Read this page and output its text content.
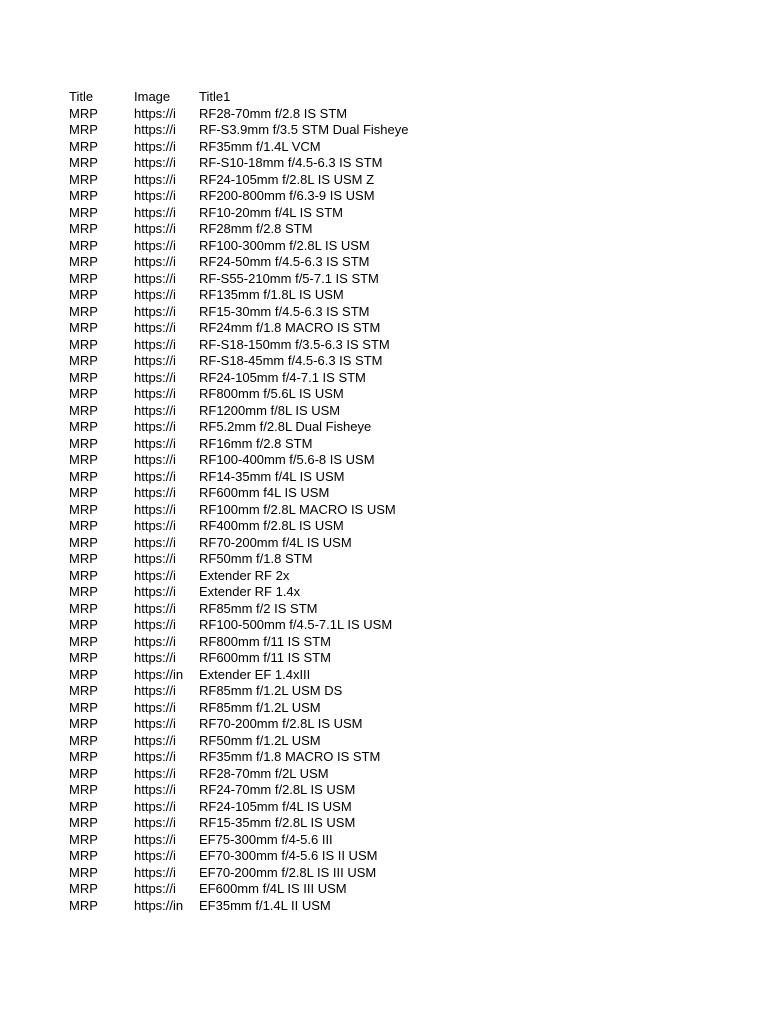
Title	Image	Title1
MRP	https://i	RF28-70mm f/2.8 IS STM
MRP	https://i	RF-S3.9mm f/3.5 STM Dual Fisheye
MRP	https://i	RF35mm f/1.4L VCM
MRP	https://i	RF-S10-18mm f/4.5-6.3 IS STM
MRP	https://i	RF24-105mm f/2.8L IS USM Z
MRP	https://i	RF200-800mm f/6.3-9 IS USM
MRP	https://i	RF10-20mm f/4L IS STM
MRP	https://i	RF28mm f/2.8 STM
MRP	https://i	RF100-300mm f/2.8L IS USM
MRP	https://i	RF24-50mm f/4.5-6.3 IS STM
MRP	https://i	RF-S55-210mm f/5-7.1 IS STM
MRP	https://i	RF135mm f/1.8L IS USM
MRP	https://i	RF15-30mm f/4.5-6.3 IS STM
MRP	https://i	RF24mm f/1.8 MACRO IS STM
MRP	https://i	RF-S18-150mm f/3.5-6.3 IS STM
MRP	https://i	RF-S18-45mm f/4.5-6.3 IS STM
MRP	https://i	RF24-105mm f/4-7.1 IS STM
MRP	https://i	RF800mm f/5.6L IS USM
MRP	https://i	RF1200mm f/8L IS USM
MRP	https://i	RF5.2mm f/2.8L Dual Fisheye
MRP	https://i	RF16mm f/2.8 STM
MRP	https://i	RF100-400mm f/5.6-8 IS USM
MRP	https://i	RF14-35mm f/4L IS USM
MRP	https://i	RF600mm f4L IS USM
MRP	https://i	RF100mm f/2.8L MACRO IS USM
MRP	https://i	RF400mm f/2.8L IS USM
MRP	https://i	RF70-200mm f/4L IS USM
MRP	https://i	RF50mm f/1.8 STM
MRP	https://i	Extender RF 2x
MRP	https://i	Extender RF 1.4x
MRP	https://i	RF85mm f/2 IS STM
MRP	https://i	RF100-500mm f/4.5-7.1L IS USM
MRP	https://i	RF800mm f/11 IS STM
MRP	https://i	RF600mm f/11 IS STM
MRP	https://in	Extender EF 1.4xIII
MRP	https://i	RF85mm f/1.2L USM DS
MRP	https://i	RF85mm f/1.2L USM
MRP	https://i	RF70-200mm f/2.8L IS USM
MRP	https://i	RF50mm f/1.2L USM
MRP	https://i	RF35mm f/1.8 MACRO IS STM
MRP	https://i	RF28-70mm f/2L USM
MRP	https://i	RF24-70mm f/2.8L IS USM
MRP	https://i	RF24-105mm f/4L IS USM
MRP	https://i	RF15-35mm f/2.8L IS USM
MRP	https://i	EF75-300mm f/4-5.6 III
MRP	https://i	EF70-300mm f/4-5.6 IS II USM
MRP	https://i	EF70-200mm f/2.8L IS III USM
MRP	https://i	EF600mm f/4L IS III USM
MRP	https://in	EF35mm f/1.4L II USM
